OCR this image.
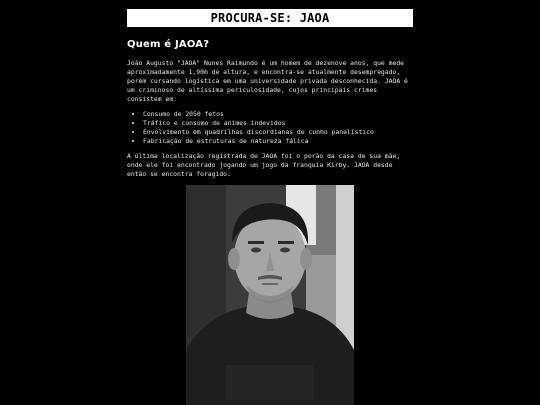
PROCURA-SE: JAOA
Quem é JAOA?
João Augusto "JAOA" Nunes Raimundo é um homem de dezenove anos, que mede aproximadamente 1,90m de altura, e encontra-se atualmente desempregado, porém cursando logística em uma universidade privada desconhecida. JAOA é um criminoso de altíssima periculosidade, cujos principais crimes consistem em:
• Consumo de 2050 fetos
• Tráfico e consumo de animes indevidos
• Envolvimento em quadrilhas discordianas de cunho panelístico
• Fabricação de estruturas de natureza fálica
A última localização registrada de JAOA foi o porão da casa de sua mãe, onde ele foi encontrado jogando um jogo da franquia Kirby. JAOA desde então se encontra foragido.
